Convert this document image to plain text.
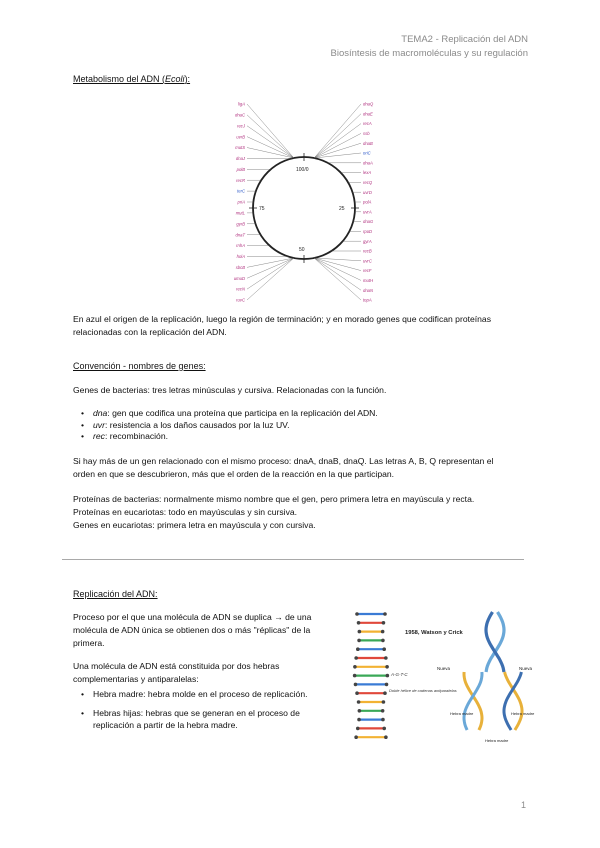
TEMA2 - Replicación del ADN
Biosíntesis de macromoléculas y su regulación
Metabolismo del ADN (Ecoli):
100/0
75	25
50
dnaQ
dnaE
recA
ssb
dnaB
oriC
dnaA
lexA
recQ
uvrD
polA
uvrA
dnaG
rpoD
gyrA
recB
uvrC
recF
mutH
dnaN
topA
ligA
dnaC
recJ
uvrB
mutS
dnaJ
polB
recR
terC
priA
mutL
gyrB
dnaT
rnhA
holA
sbcB
umuD
recN
ruvC
En azul el origen de la replicación, luego la región de terminación; y en morado genes que codifican proteínas
relacionadas con la replicación del ADN.
Convención - nombres de genes:
Genes de bacterias: tres letras minúsculas y cursiva. Relacionadas con la función.
• dna: gen que codifica una proteína que participa en la replicación del ADN.
• uvr: resistencia a los daños causados por la luz UV.
• rec: recombinación.
Si hay más de un gen relacionado con el mismo proceso: dnaA, dnaB, dnaQ. Las letras A, B, Q representan el
orden en que se descubrieron, más que el orden de la reacción en la que participan.
Proteínas de bacterias: normalmente mismo nombre que el gen, pero primera letra en mayúscula y recta.
Proteínas en eucariotas: todo en mayúsculas y sin cursiva.
Genes en eucariotas: primera letra en mayúscula y con cursiva.
Replicación del ADN:
Proceso por el que una molécula de ADN se duplica → de una
molécula de ADN única se obtienen dos o más "réplicas" de la
primera.
Una molécula de ADN está constituida por dos hebras
complementarias y antiparalelas:
• Hebra madre: hebra molde en el proceso de replicación.
• Hebras hijas: hebras que se generan en el proceso de
replicación a partir de la hebra madre.
A-G-T-C
Doble hélice de cadenas antiparalelas
1958, Watson y Crick
Nueva	Nueva
Hebra madre	Hebra madre
Hebra madre
1
